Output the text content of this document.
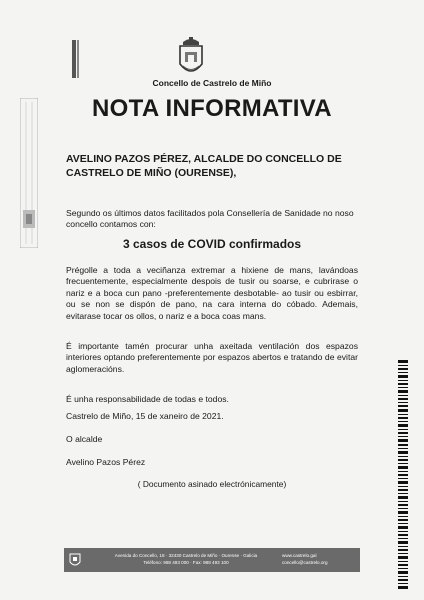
Concello de Castrelo de Miño
NOTA INFORMATIVA
AVELINO PAZOS PÉREZ, ALCALDE DO CONCELLO DE CASTRELO DE MIÑO (OURENSE),
Segundo os últimos datos facilitados pola Consellería de Sanidade no noso concello contamos con:
3 casos de COVID confirmados
Prégolle a toda a veciñanza extremar a hixiene de mans, lavándoas frecuentemente, especialmente despois de tusir ou soarse, e cubrirase o nariz e a boca cun pano -preferentemente desbotable- ao tusir ou esbirrar, ou se non se dispón de pano, na cara interna do cóbado. Ademais, evitarase tocar os ollos, o nariz e a boca coas mans.
É importante tamén procurar unha axeitada ventilación dos espazos interiores optando preferentemente por espazos abertos e tratando de evitar aglomeracións.
É unha responsabilidade de todas e todos.
Castrelo de Miño, 15 de xaneiro de 2021.
O alcalde
Avelino Pazos Pérez
( Documento asinado electrónicamente)
Avenida do Concello, 18 · 32430 Castrelo de Miño · Ourense · Galicia
Teléfono: 988 493 000 · Fax: 988 493 100
www.castrelo.gal
concello@castrelo.org
